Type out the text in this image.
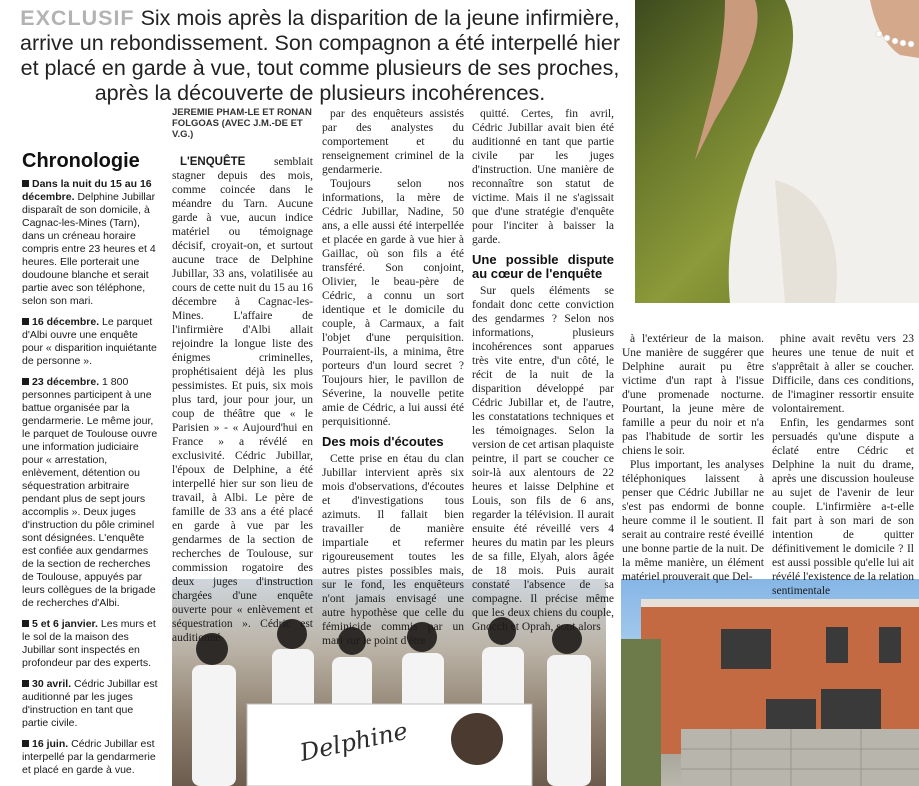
EXCLUSIF Six mois après la disparition de la jeune infirmière, arrive un rebondissement. Son compagnon a été interpellé hier et placé en garde à vue, tout comme plusieurs de ses proches, après la découverte de plusieurs incohérences.
Delphine
Chronologie
Dans la nuit du 15 au 16 décembre. Delphine Jubillar disparaît de son domicile, à Cagnac-les-Mines (Tarn), dans un créneau horaire compris entre 23 heures et 4 heures. Elle porterait une doudoune blanche et serait partie avec son téléphone, selon son mari.
16 décembre. Le parquet d'Albi ouvre une enquête pour « disparition inquiétante de personne ».
23 décembre. 1 800 personnes participent à une battue organisée par la gendarmerie. Le même jour, le parquet de Toulouse ouvre une information judiciaire pour « arrestation, enlèvement, détention ou séquestration arbitraire pendant plus de sept jours accomplis ». Deux juges d'instruction du pôle criminel sont désignées. L'enquête est confiée aux gendarmes de la section de recherches de Toulouse, appuyés par leurs collègues de la brigade de recherches d'Albi.
5 et 6 janvier. Les murs et le sol de la maison des Jubillar sont inspectés en profondeur par des experts.
30 avril. Cédric Jubillar est auditionné par les juges d'instruction en tant que partie civile.
16 juin. Cédric Jubillar est interpellé par la gendarmerie et placé en garde à vue.
JEREMIE PHAM-LE ET RONAN FOLGOAS (AVEC J.M.-DE ET V.G.)

L'ENQUÊTE semblait stagner depuis des mois, comme coincée dans le méandre du Tarn. Aucune garde à vue, aucun indice matériel ou témoignage décisif, croyait-on, et surtout aucune trace de Delphine Jubillar, 33 ans, volatilisée au cours de cette nuit du 15 au 16 décembre à Cagnac-les-Mines. L'affaire de l'infirmière d'Albi allait rejoindre la longue liste des énigmes criminelles, prophétisaient déjà les plus pessimistes. Et puis, six mois plus tard, jour pour jour, un coup de théâtre que « le Parisien » - « Aujourd'hui en France » a révélé en exclusivité. Cédric Jubillar, l'époux de Delphine, a été interpellé hier sur son lieu de travail, à Albi. Le père de famille de 33 ans a été placé en garde à vue par les gendarmes de la section de recherches de Toulouse, sur commission rogatoire des deux juges d'instruction chargées d'une enquête ouverte pour « enlèvement et séquestration ». Cédric est auditionné

par des enquêteurs assistés par des analystes du comportement et du renseignement criminel de la gendarmerie.

Toujours selon nos informations, la mère de Cédric Jubillar, Nadine, 50 ans, a elle aussi été interpellée et placée en garde à vue hier à Gaillac, où son fils a été transféré. Son conjoint, Olivier, le beau-père de Cédric, a connu un sort identique et le domicile du couple, à Carmaux, a fait l'objet d'une perquisition. Pourraient-ils, a minima, être porteurs d'un lourd secret ? Toujours hier, le pavillon de Séverine, la nouvelle petite amie de Cédric, a lui aussi été perquisitionné.

Des mois d'écoutes

Cette prise en étau du clan Jubillar intervient après six mois d'observations, d'écoutes et d'investigations tous azimuts. Il fallait bien travailler de manière impartiale et refermer rigoureusement toutes les autres pistes possibles mais, sur le fond, les enquêteurs n'ont jamais envisagé une autre hypothèse que celle du féminicide commis par un mari sur le point d'être

quitté. Certes, fin avril, Cédric Jubillar avait bien été auditionné en tant que partie civile par les juges d'instruction. Une manière de reconnaître son statut de victime. Mais il ne s'agissait que d'une stratégie d'enquête pour l'inciter à baisser la garde.

Une possible dispute au cœur de l'enquête

Sur quels éléments se fondait donc cette conviction des gendarmes ? Selon nos informations, plusieurs incohérences sont apparues très vite entre, d'un côté, le récit de la nuit de la disparition développé par Cédric Jubillar et, de l'autre, les constatations techniques et les témoignages. Selon la version de cet artisan plaquiste peintre, il part se coucher ce soir-là aux alentours de 22 heures et laisse Delphine et Louis, son fils de 6 ans, regarder la télévision. Il aurait ensuite été réveillé vers 4 heures du matin par les pleurs de sa fille, Elyah, alors âgée de 18 mois. Puis aurait constaté l'absence de sa compagne. Il précise même que les deux chiens du couple, Gnocch et Oprah, sont alors

à l'extérieur de la maison. Une manière de suggérer que Delphine aurait pu être victime d'un rapt à l'issue d'une promenade nocturne. Pourtant, la jeune mère de famille a peur du noir et n'a pas l'habitude de sortir les chiens le soir.

Plus important, les analyses téléphoniques laissent à penser que Cédric Jubillar ne s'est pas endormi de bonne heure comme il le soutient. Il serait au contraire resté éveillé une bonne partie de la nuit. De la même manière, un élément matériel prouverait que Del-

phine avait revêtu vers 23 heures une tenue de nuit et s'apprêtait à aller se coucher. Difficile, dans ces conditions, de l'imaginer ressortir ensuite volontairement.

Enfin, les gendarmes sont persuadés qu'une dispute a éclaté entre Cédric et Delphine la nuit du drame, après une discussion houleuse au sujet de l'avenir de leur couple. L'infirmière a-t-elle fait part à son mari de son intention de quitter définitivement le domicile ? Il est aussi possible qu'elle lui ait révélé l'existence de la relation sentimentale
